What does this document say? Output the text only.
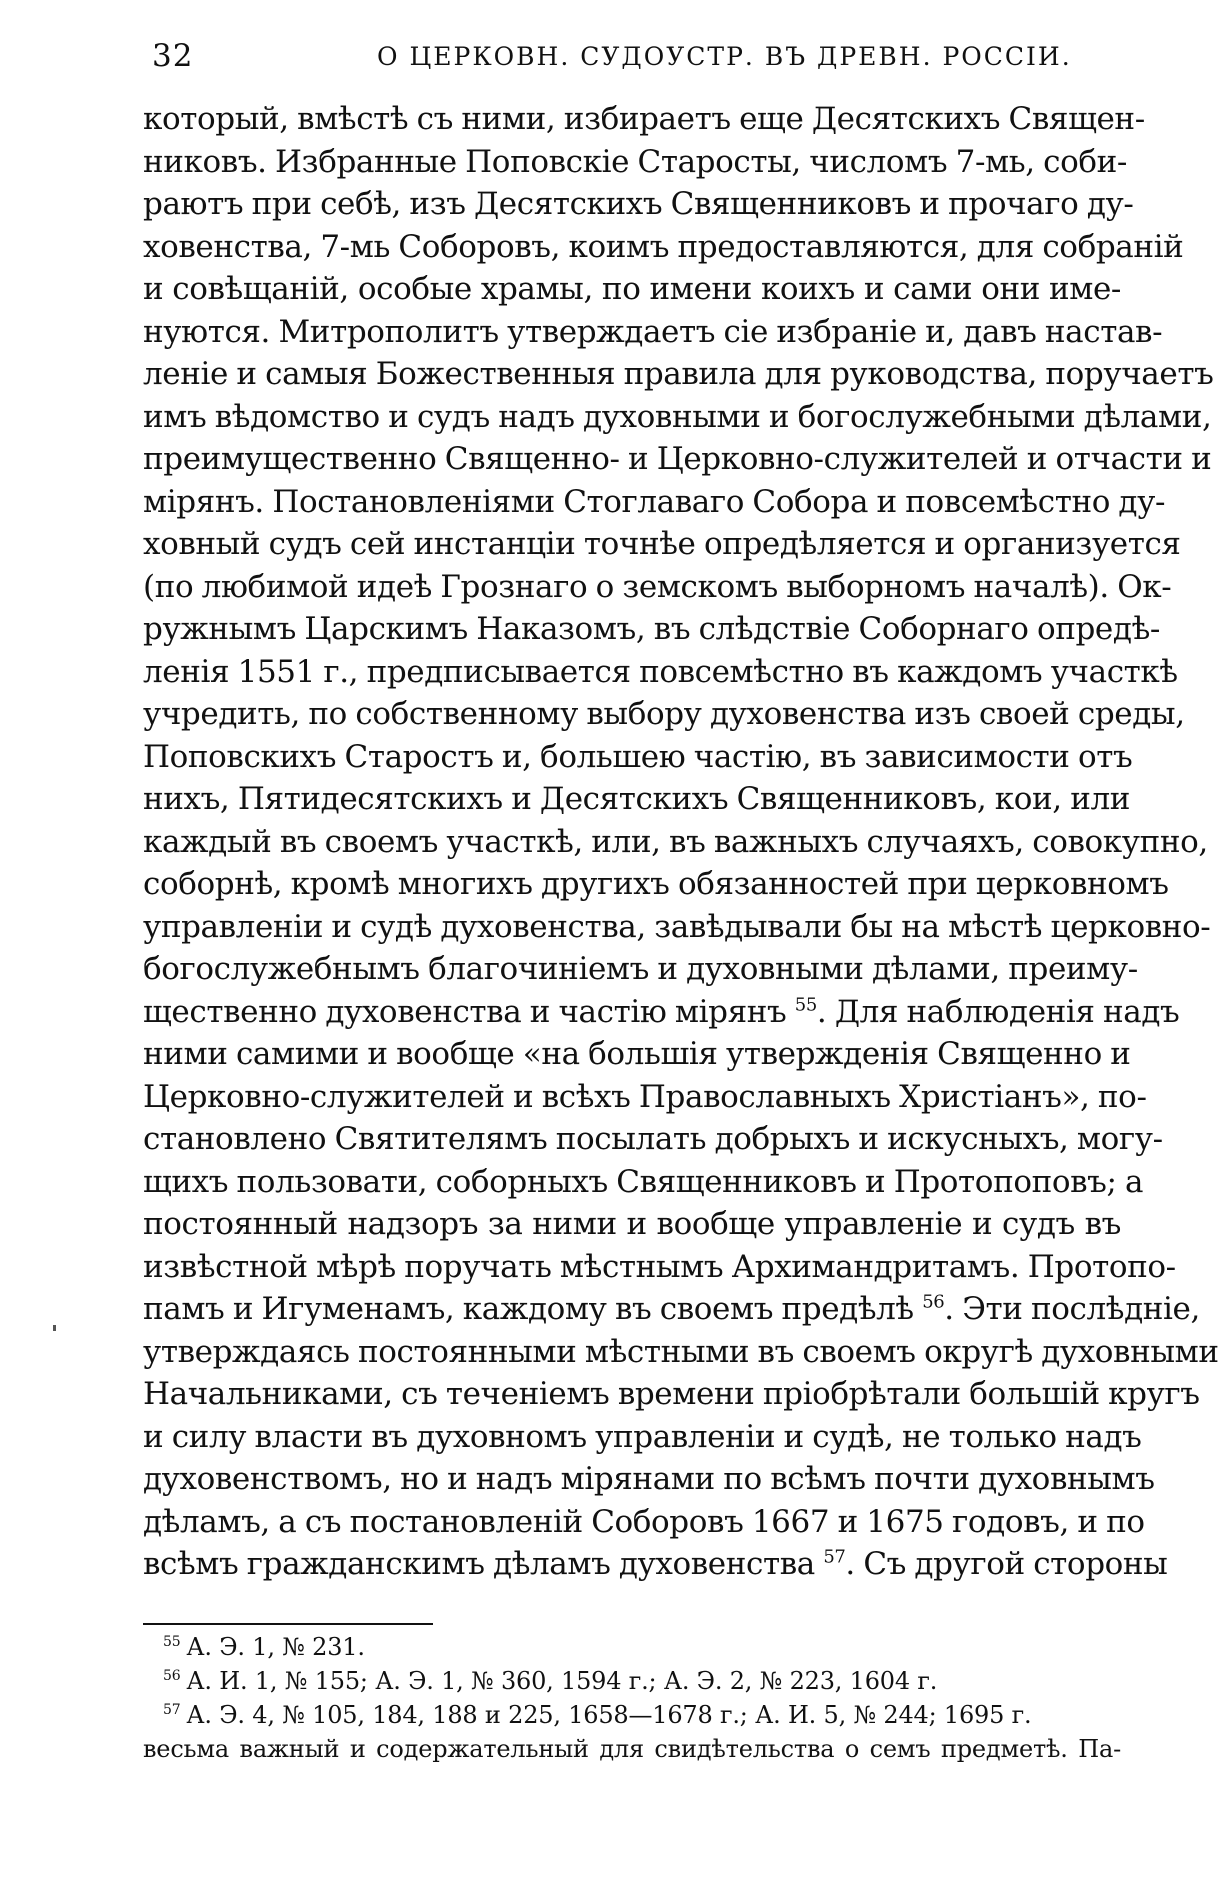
32	О ЦЕРКОВН. СУДОУСТР. ВЪ ДРЕВН. РОССІИ.
который, вмѣстѣ съ ними, избираетъ еще Десятскихъ Священ-
никовъ. Избранные Поповскіе Старосты, числомъ 7-мь, соби-
раютъ при себѣ, изъ Десятскихъ Священниковъ и прочаго ду-
ховенства, 7-мь Соборовъ, коимъ предоставляются, для собраній
и совѣщаній, особые храмы, по имени коихъ и сами они име-
нуются. Митрополитъ утверждаетъ сіе избраніе и, давъ настав-
леніе и самыя Божественныя правила для руководства, поручаетъ
имъ вѣдомство и судъ надъ духовными и богослужебными дѣлами,
преимущественно Священно- и Церковно-служителей и отчасти и
мірянъ. Постановленіями Стоглаваго Собора и повсемѣстно ду-
ховный судъ сей инстанціи точнѣе опредѣляется и организуется
(по любимой идеѣ Грознаго о земскомъ выборномъ началѣ). Ок-
ружнымъ Царскимъ Наказомъ, въ слѣдствіе Соборнаго опредѣ-
ленія 1551 г., предписывается повсемѣстно въ каждомъ участкѣ
учредить, по собственному выбору духовенства изъ своей среды,
Поповскихъ Старостъ и, большею частію, въ зависимости отъ
нихъ, Пятидесятскихъ и Десятскихъ Священниковъ, кои, или
каждый въ своемъ участкѣ, или, въ важныхъ случаяхъ, совокупно,
соборнѣ, кромѣ многихъ другихъ обязанностей при церковномъ
управленіи и судѣ духовенства, завѣдывали бы на мѣстѣ церковно-
богослужебнымъ благочиніемъ и духовными дѣлами, преиму-
щественно духовенства и частію мірянъ $^{55}$. Для наблюденія надъ
ними самими и вообще «на большія утвержденія Священно и
Церковно-служителей и всѣхъ Православныхъ Христіанъ», по-
становлено Святителямъ посылать добрыхъ и искусныхъ, могу-
щихъ пользовати, соборныхъ Священниковъ и Протопоповъ; а
постоянный надзоръ за ними и вообще управленіе и судъ въ
извѣстной мѣрѣ поручать мѣстнымъ Архимандритамъ. Протопо-
памъ и Игуменамъ, каждому въ своемъ предѣлѣ $^{56}$. Эти послѣдніе,
утверждаясь постоянными мѣстными въ своемъ округѣ духовными
Начальниками, съ теченіемъ времени пріобрѣтали большій кругъ
и силу власти въ духовномъ управленіи и судѣ, не только надъ
духовенствомъ, но и надъ мірянами по всѣмъ почти духовнымъ
дѣламъ, а съ постановленій Соборовъ 1667 и 1675 годовъ, и по
всѣмъ гражданскимъ дѣламъ духовенства $^{57}$. Съ другой стороны
$^{55}$ А. Э. 1, № 231.
$^{56}$ А. И. 1, № 155; А. Э. 1, № 360, 1594 г.; А. Э. 2, № 223, 1604 г.
$^{57}$ А. Э. 4, № 105, 184, 188 и 225, 1658—1678 г.; А. И. 5, № 244; 1695 г.
весьма важный и содержательный для свидѣтельства о семъ предметѣ. Па-
